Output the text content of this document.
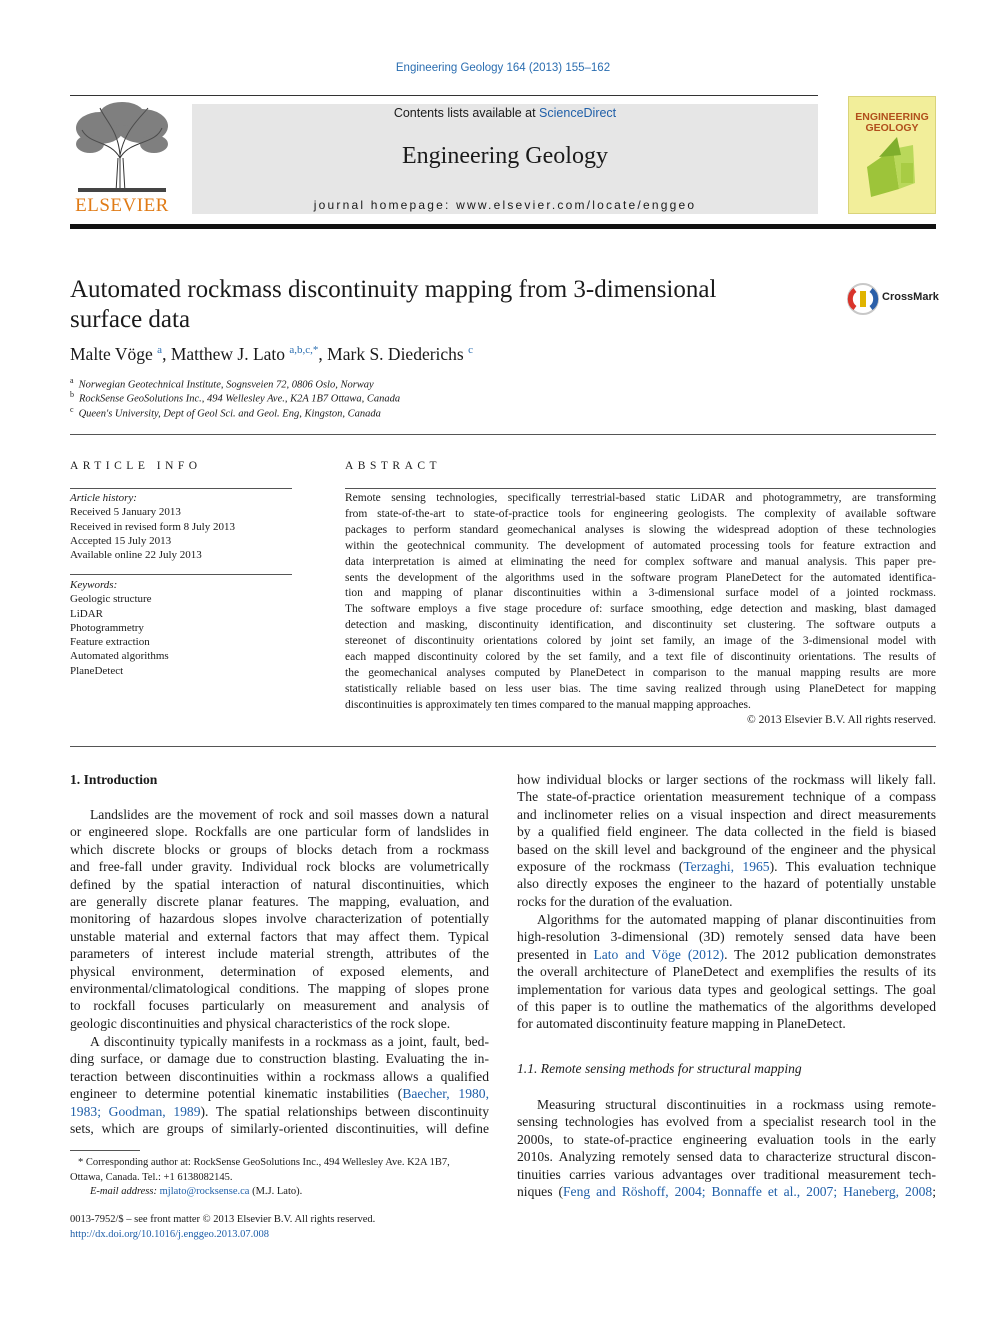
Engineering Geology 164 (2013) 155–162
ELSEVIER
Contents lists available at ScienceDirect
Engineering Geology
journal homepage: www.elsevier.com/locate/enggeo
ENGINEERING
GEOLOGY
Automated rockmass discontinuity mapping from 3-dimensional
surface data
CrossMark
Malte Vöge $^a$, Matthew J. Lato $^{a,b,c,*}$, Mark S. Diederichs $^c$
$^a$ Norwegian Geotechnical Institute, Sognsveien 72, 0806 Oslo, Norway
$^b$ RockSense GeoSolutions Inc., 494 Wellesley Ave., K2A 1B7 Ottawa, Canada
$^c$ Queen's University, Dept of Geol Sci. and Geol. Eng, Kingston, Canada
ARTICLE INFO
Article history:
Received 5 January 2013
Received in revised form 8 July 2013
Accepted 15 July 2013
Available online 22 July 2013
Keywords:
Geologic structure
LiDAR
Photogrammetry
Feature extraction
Automated algorithms
PlaneDetect
ABSTRACT
Remote sensing technologies, specifically terrestrial-based static LiDAR and photogrammetry, are transforming
from state-of-the-art to state-of-practice tools for engineering geologists. The complexity of available software
packages to perform standard geomechanical analyses is slowing the widespread adoption of these technologies
within the geotechnical community. The development of automated processing tools for feature extraction and
data interpretation is aimed at eliminating the need for complex software and manual analysis. This paper pre-
sents the development of the algorithms used in the software program PlaneDetect for the automated identifica-
tion and mapping of planar discontinuities within a 3-dimensional surface model of a jointed rockmass.
The software employs a five stage procedure of: surface smoothing, edge detection and masking, blast damaged
detection and masking, discontinuity identification, and discontinuity set clustering. The software outputs a
stereonet of discontinuity orientations colored by joint set family, an image of the 3-dimensional model with
each mapped discontinuity colored by the set family, and a text file of discontinuity orientations. The results of
the geomechanical analyses computed by PlaneDetect in comparison to the manual mapping results are more
statistically reliable based on less user bias. The time saving realized through using PlaneDetect for mapping
discontinuities is approximately ten times compared to the manual mapping approaches.
© 2013 Elsevier B.V. All rights reserved.
1. Introduction
Landslides are the movement of rock and soil masses down a natural
or engineered slope. Rockfalls are one particular form of landslides in
which discrete blocks or groups of blocks detach from a rockmass
and free-fall under gravity. Individual rock blocks are volumetrically
defined by the spatial interaction of natural discontinuities, which
are generally discrete planar features. The mapping, evaluation, and
monitoring of hazardous slopes involve characterization of potentially
unstable material and external factors that may affect them. Typical
parameters of interest include material strength, attributes of the
physical environment, determination of exposed elements, and
environmental/climatological conditions. The mapping of slopes prone
to rockfall focuses particularly on measurement and analysis of
geologic discontinuities and physical characteristics of the rock slope.
A discontinuity typically manifests in a rockmass as a joint, fault, bed-
ding surface, or damage due to construction blasting. Evaluating the in-
teraction between discontinuities within a rockmass allows a qualified
engineer to determine potential kinematic instabilities (Baecher, 1980,
1983; Goodman, 1989). The spatial relationships between discontinuity
sets, which are groups of similarly-oriented discontinuities, will define
how individual blocks or larger sections of the rockmass will likely fall.
The state-of-practice orientation measurement technique of a compass
and inclinometer relies on a visual inspection and direct measurements
by a qualified field engineer. The data collected in the field is biased
based on the skill level and background of the engineer and the physical
exposure of the rockmass (Terzaghi, 1965). This evaluation technique
also directly exposes the engineer to the hazard of potentially unstable
rocks for the duration of the evaluation.
Algorithms for the automated mapping of planar discontinuities from
high-resolution 3-dimensional (3D) remotely sensed data have been
presented in Lato and Vöge (2012). The 2012 publication demonstrates
the overall architecture of PlaneDetect and exemplifies the results of its
implementation for various data types and geological settings. The goal
of this paper is to outline the mathematics of the algorithms developed
for automated discontinuity feature mapping in PlaneDetect.
1.1. Remote sensing methods for structural mapping
Measuring structural discontinuities in a rockmass using remote-
sensing technologies has evolved from a specialist research tool in the
2000s, to state-of-practice engineering evaluation tools in the early
2010s. Analyzing remotely sensed data to characterize structural discon-
tinuities carries various advantages over traditional measurement tech-
niques (Feng and Röshoff, 2004; Bonnaffe et al., 2007; Haneberg, 2008;
* Corresponding author at: RockSense GeoSolutions Inc., 494 Wellesley Ave. K2A 1B7,
Ottawa, Canada. Tel.: +1 6138082145.
E-mail address: mjlato@rocksense.ca (M.J. Lato).
0013-7952/$ – see front matter © 2013 Elsevier B.V. All rights reserved.
http://dx.doi.org/10.1016/j.enggeo.2013.07.008
